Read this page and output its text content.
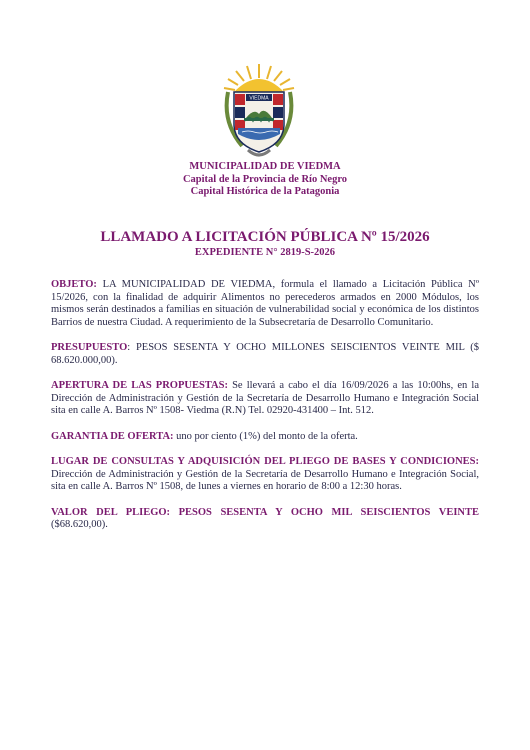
VIEDMA
MUNICIPALIDAD DE VIEDMA
Capital de la Provincia de Río Negro
Capital Histórica de la Patagonia
LLAMADO A LICITACIÓN PÚBLICA Nº 15/2026
EXPEDIENTE N° 2819-S-2026

OBJETO: LA MUNICIPALIDAD DE VIEDMA, formula el llamado a Licitación Pública Nº 15/2026, con la finalidad de adquirir Alimentos no perecederos armados en 2000 Módulos, los mismos serán destinados a familias en situación de vulnerabilidad social y económica de los distintos Barrios de nuestra Ciudad. A requerimiento de la Subsecretaría de Desarrollo Comunitario.

PRESUPUESTO: PESOS SESENTA Y OCHO MILLONES SEISCIENTOS VEINTE MIL ($ 68.620.000,00).

APERTURA DE LAS PROPUESTAS: Se llevará a cabo el día 16/09/2026 a las 10:00hs, en la Dirección de Administración y Gestión de la Secretaría de Desarrollo Humano e Integración Social sita en calle A. Barros Nº 1508- Viedma (R.N) Tel. 02920-431400 – Int. 512.

GARANTIA DE OFERTA: uno por ciento (1%) del monto de la oferta.

LUGAR DE CONSULTAS Y ADQUISICIÓN DEL PLIEGO DE BASES Y CONDICIONES: Dirección de Administración y Gestión de la Secretaría de Desarrollo Humano e Integración Social, sita en calle A. Barros Nº 1508, de lunes a viernes en horario de 8:00 a 12:30 horas.

VALOR DEL PLIEGO: PESOS SESENTA Y OCHO MIL SEISCIENTOS VEINTE ($68.620,00).
